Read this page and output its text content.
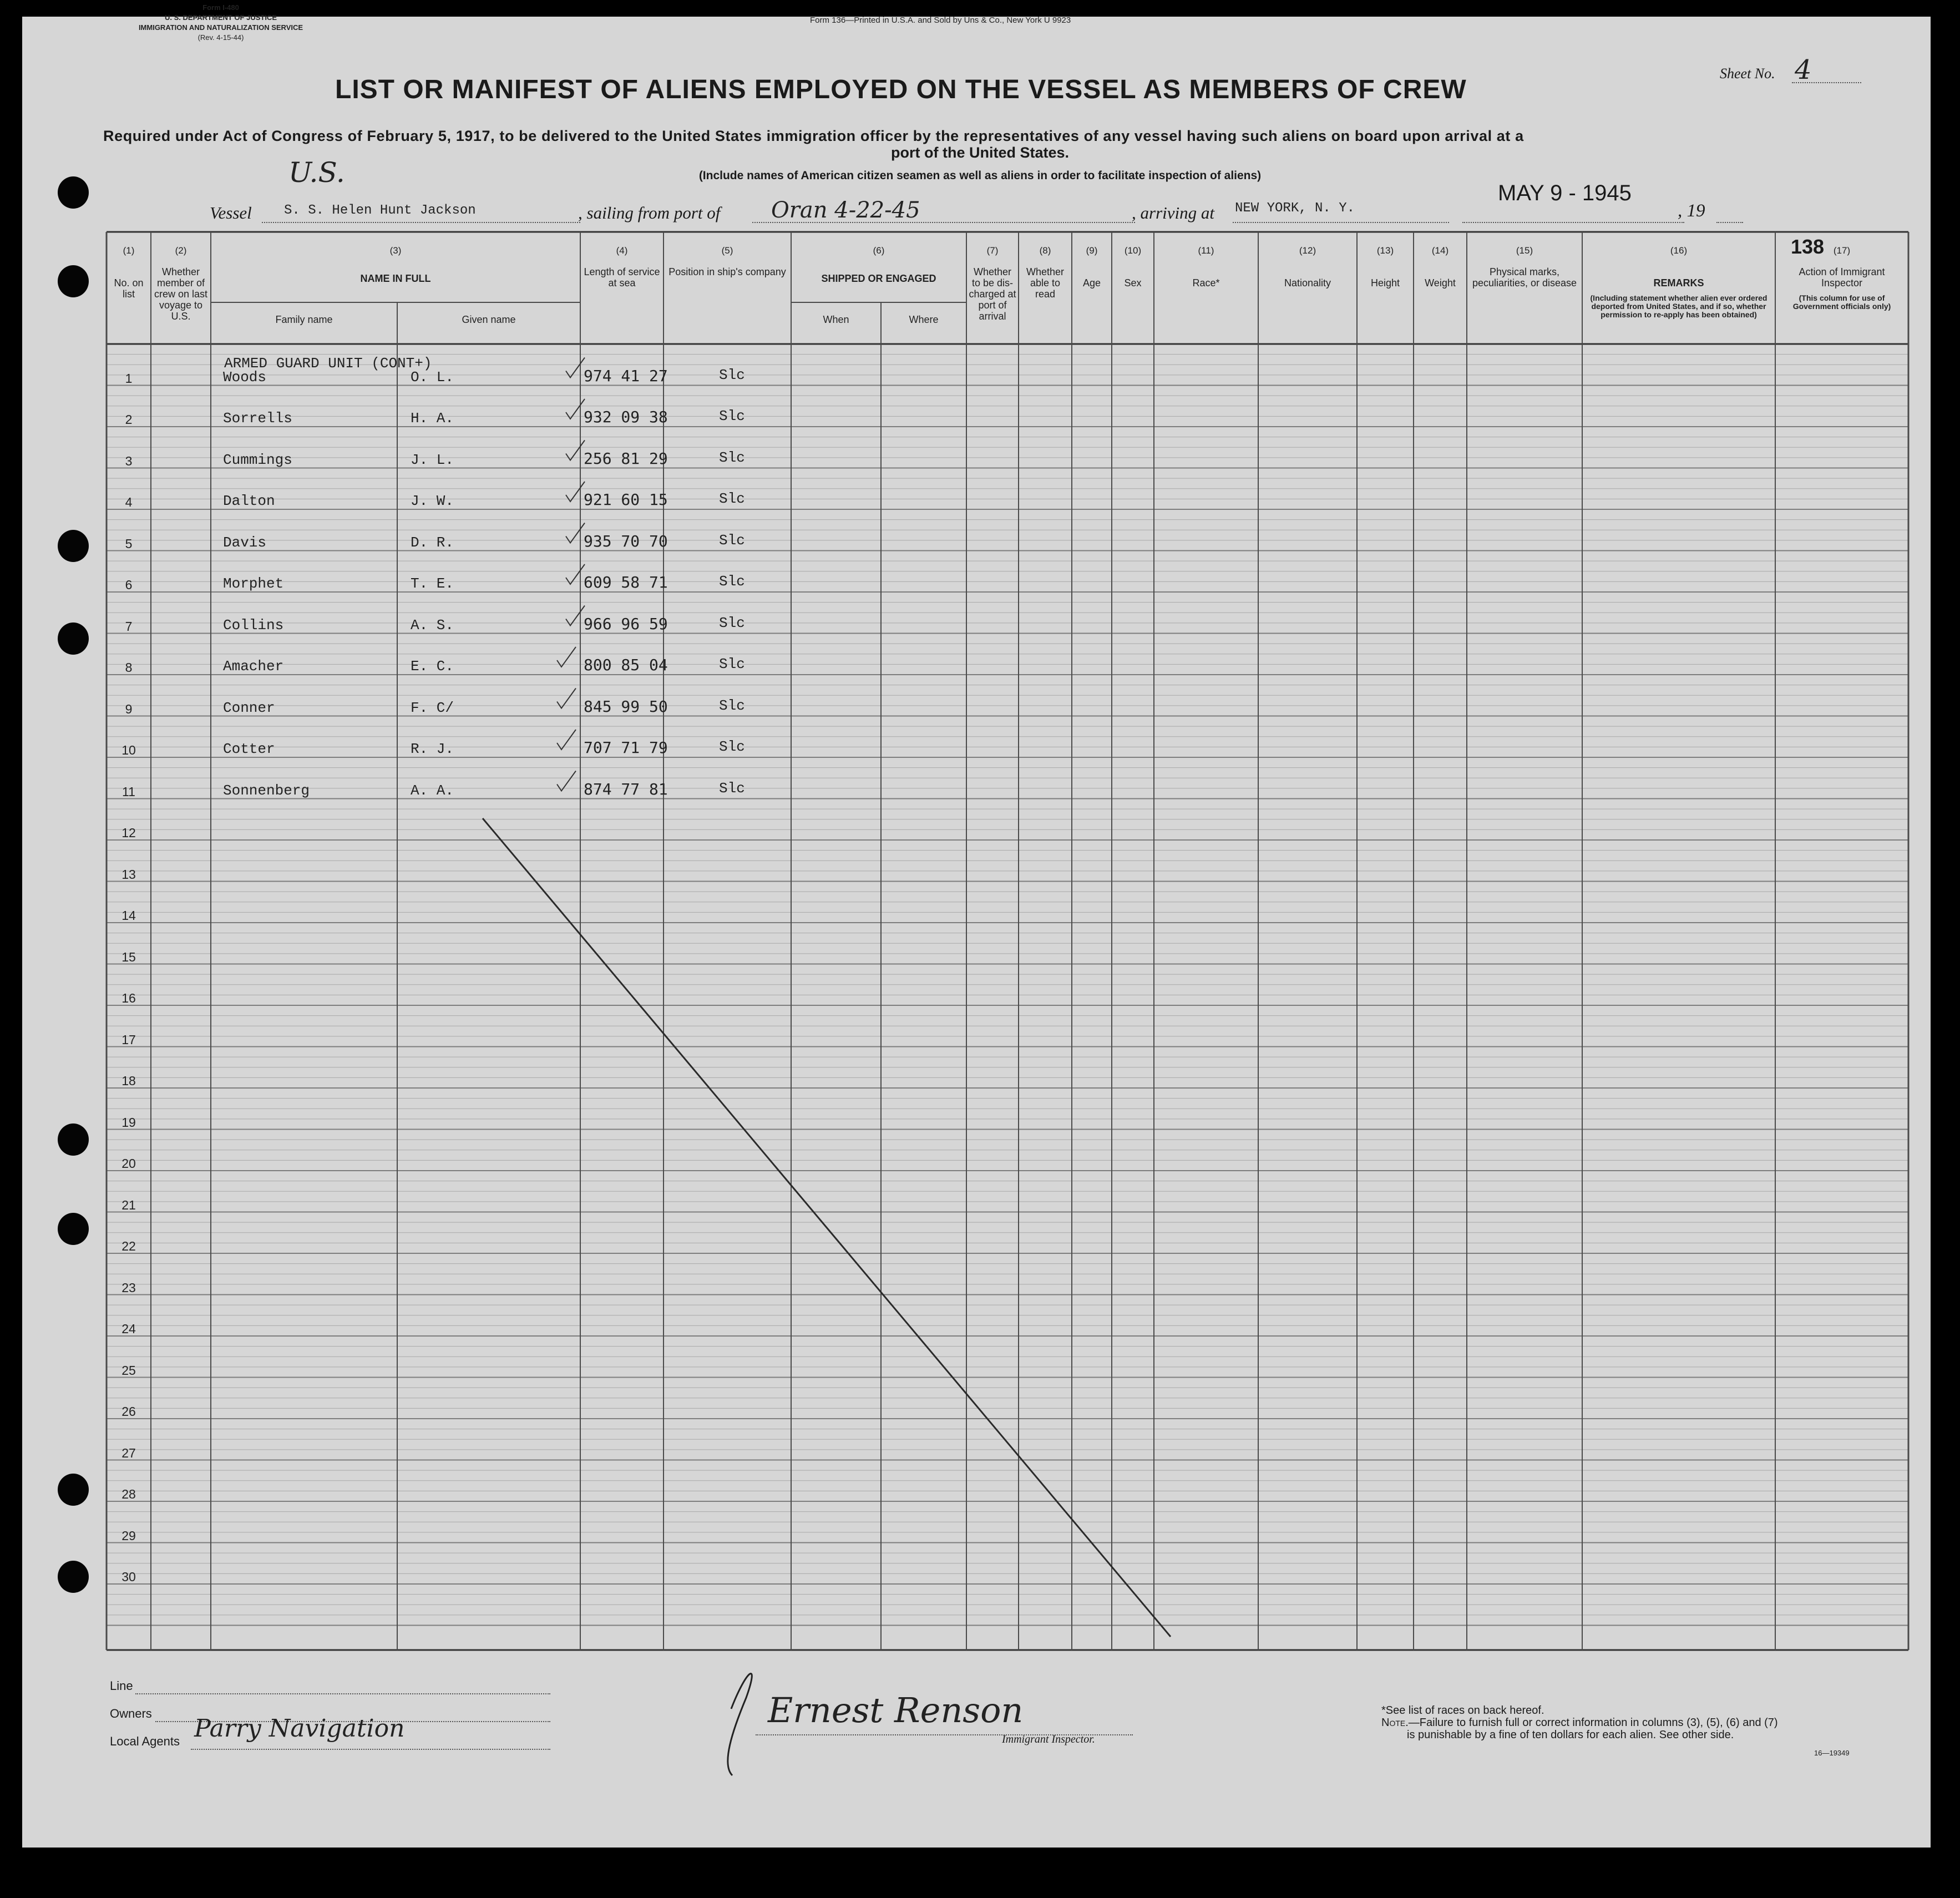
Form I-480
U. S. DEPARTMENT OF JUSTICE
IMMIGRATION AND NATURALIZATION SERVICE
(Rev. 4-15-44)
Form 136—Printed in U.S.A. and Sold by Uns & Co., New York U 9923
Sheet No. 4
LIST OR MANIFEST OF ALIENS EMPLOYED ON THE VESSEL AS MEMBERS OF CREW
Required under Act of Congress of February 5, 1917, to be delivered to the United States immigration officer by the representatives of any vessel having such aliens on board upon arrival at a
port of the United States.
(Include names of American citizen seamen as well as aliens in order to facilitate inspection of aliens)
U.S.
Vessel S. S. Helen Hunt Jackson	, sailing from port of Oran 4-22-45	, arriving at NEW YORK, N. Y.
MAY 9 - 1945
, 19
138
(1)
No. on list
(2)
Whether member of crew on last voyage to U.S.
(3)
NAME IN FULL
Family name	Given name
(4)
Length of service at sea
(5)
Position in ship's company
(6)
SHIPPED OR ENGAGED
When	Where
(7)
Whether to be dis-charged at port of arrival
(8)
Whether able to read
(9)
Age
(10)
Sex
(11)
Race*
(12)
Nationality
(13)
Height
(14)
Weight
(15)
Physical marks, peculiarities, or disease
(16)
REMARKS
(Including statement whether alien ever ordered deported from United States, and if so, whether permission to re-apply has been obtained)
(17)
Action of Immigrant Inspector
(This column for use of Government officials only)
ARMED GUARD UNIT (CONT+)
1	Woods	O. L.	974 41 27	Slc
2	Sorrells	H. A.	932 09 38	Slc
3	Cummings	J. L.	256 81 29	Slc
4	Dalton	J. W.	921 60 15	Slc
5	Davis	D. R.	935 70 70	Slc
6	Morphet	T. E.	609 58 71	Slc
7	Collins	A. S.	966 96 59	Slc
8	Amacher	E. C.	800 85 04	Slc
9	Conner	F. C/	845 99 50	Slc
10	Cotter	R. J.	707 71 79	Slc
11	Sonnenberg	A. A.	874 77 81	Slc
12
13
14
15
16
17
18
19
20
21
22
23
24
25
26
27
28
29
30
Line
Owners
Local Agents Parry Navigation	Ernest Renson
Immigrant Inspector.
*See list of races on back hereof.
Note.—Failure to furnish full or correct information in columns (3), (5), (6) and (7)
is punishable by a fine of ten dollars for each alien. See other side.
16—19349
